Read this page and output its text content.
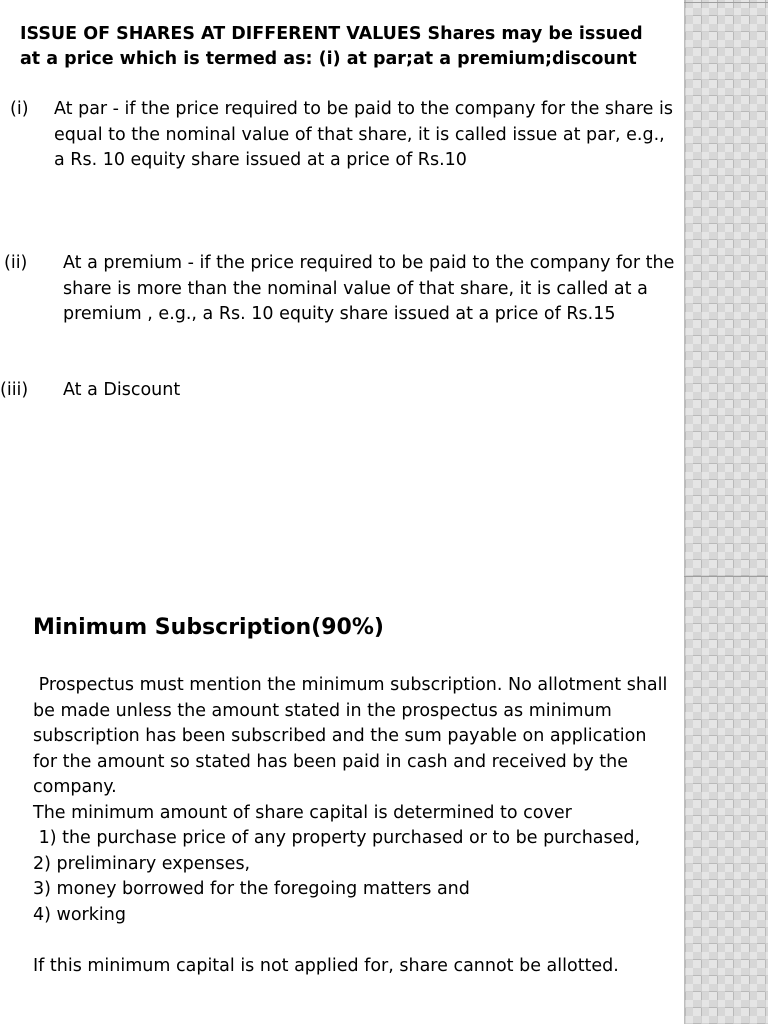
ISSUE OF SHARES AT DIFFERENT VALUES Shares may be issued at a price which is termed as: (i) at par;at a premium;discount
(i) At par - if the price required to be paid to the company for the share is equal to the nominal value of that share, it is called issue at par, e.g., a Rs. 10 equity share issued at a price of Rs.10
(ii) At a premium - if the price required to be paid to the company for the share is more than the nominal value of that share, it is called at a premium , e.g., a Rs. 10 equity share issued at a price of Rs.15
(iii) At a Discount
Minimum Subscription(90%)

Prospectus must mention the minimum subscription. No allotment shall be made unless the amount stated in the prospectus as minimum subscription has been subscribed and the sum payable on application for the amount so stated has been paid in cash and received by the company.

The minimum amount of share capital is determined to cover

1) the purchase price of any property purchased or to be purchased,

2) preliminary expenses,

3) money borrowed for the foregoing matters and

4) working

If this minimum capital is not applied for, share cannot be allotted.
